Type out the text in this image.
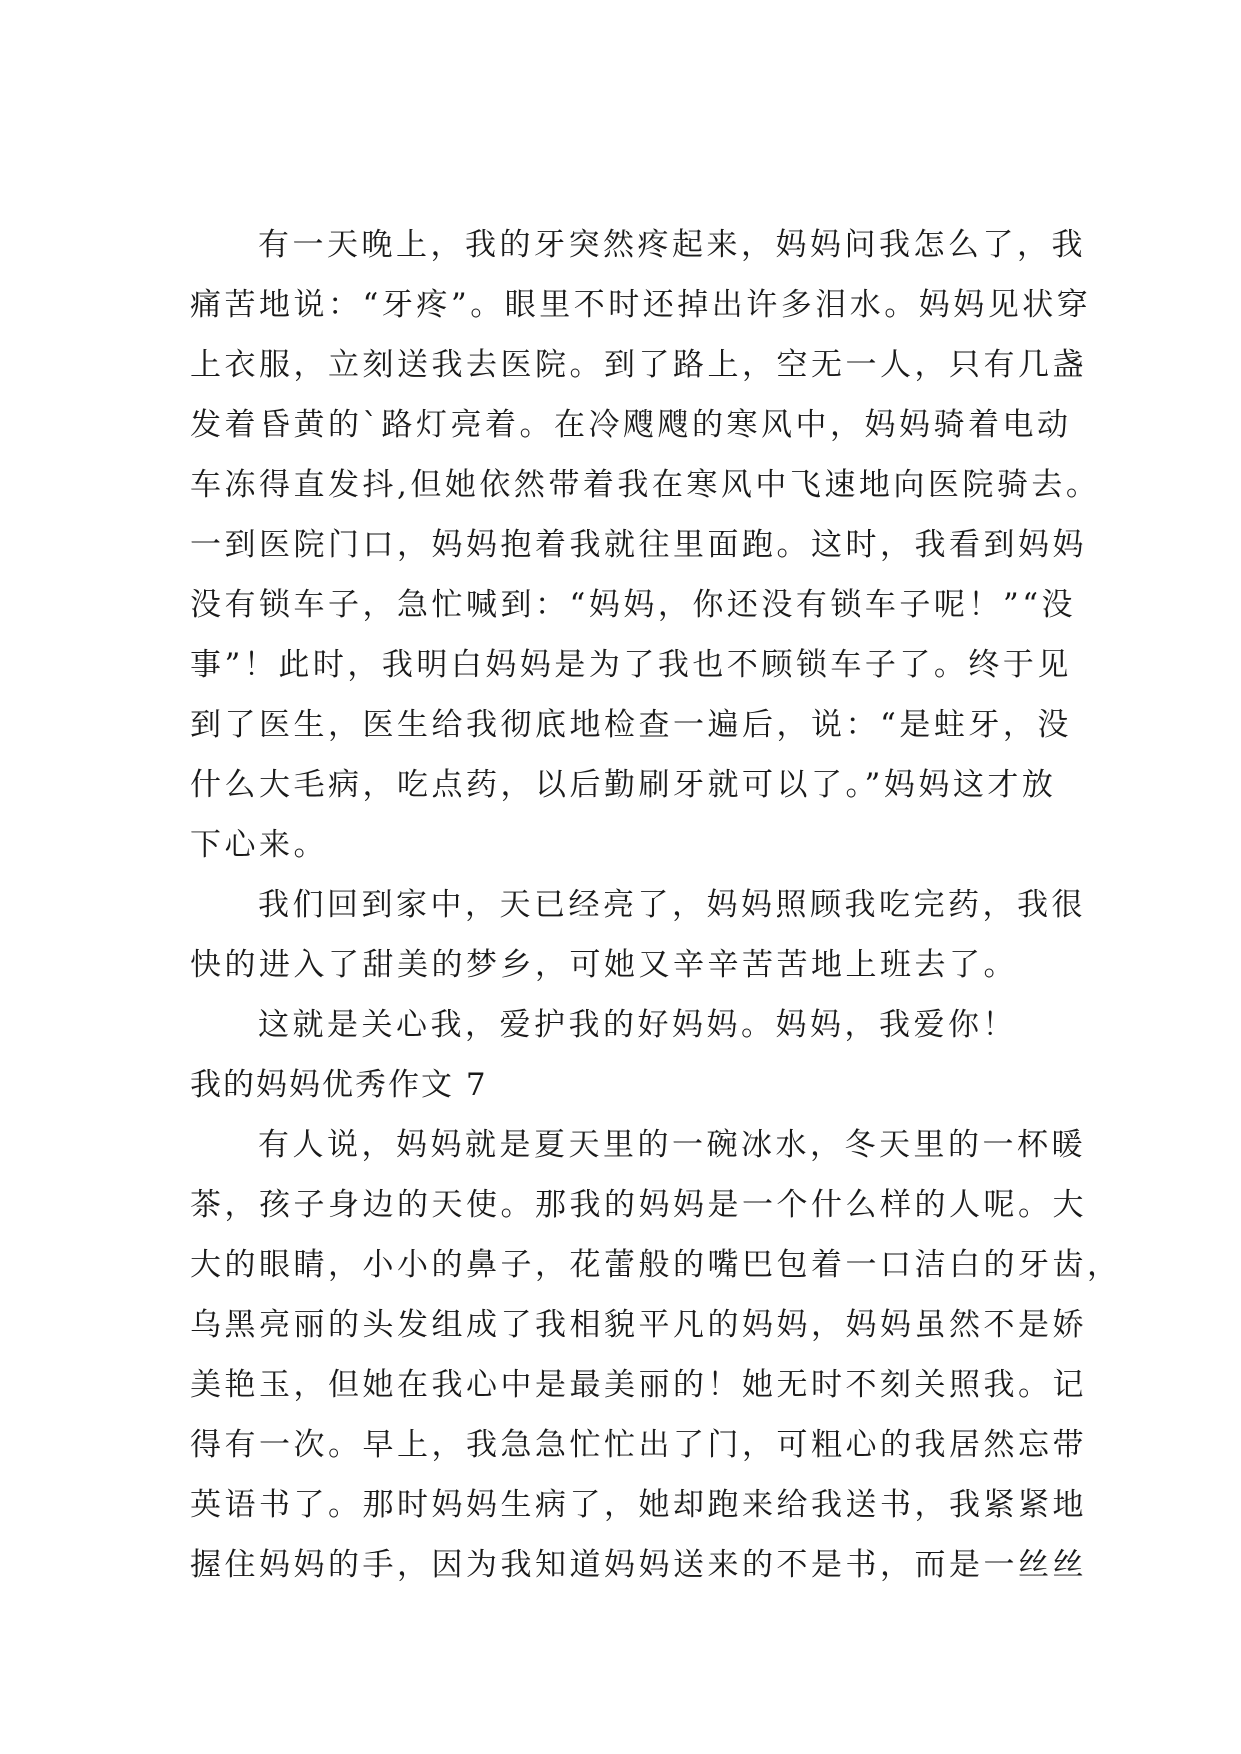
有一天晚上，我的牙突然疼起来，妈妈问我怎么了，我
痛苦地说：“牙疼”。眼里不时还掉出许多泪水。妈妈见状穿
上衣服，立刻送我去医院。到了路上，空无一人，只有几盏
发着昏黄的`路灯亮着。在冷飕飕的寒风中，妈妈骑着电动
车冻得直发抖,但她依然带着我在寒风中飞速地向医院骑去。
一到医院门口，妈妈抱着我就往里面跑。这时，我看到妈妈
没有锁车子，急忙喊到：“妈妈，你还没有锁车子呢！”“没
事”！此时，我明白妈妈是为了我也不顾锁车子了。终于见
到了医生，医生给我彻底地检查一遍后，说：“是蛀牙，没
什么大毛病，吃点药，以后勤刷牙就可以了。”妈妈这才放
下心来。
我们回到家中，天已经亮了，妈妈照顾我吃完药，我很
快的进入了甜美的梦乡，可她又辛辛苦苦地上班去了。
这就是关心我，爱护我的好妈妈。妈妈，我爱你！
我的妈妈优秀作文 7
有人说，妈妈就是夏天里的一碗冰水，冬天里的一杯暖
茶，孩子身边的天使。那我的妈妈是一个什么样的人呢。大
大的眼睛，小小的鼻子，花蕾般的嘴巴包着一口洁白的牙齿，
乌黑亮丽的头发组成了我相貌平凡的妈妈，妈妈虽然不是娇
美艳玉，但她在我心中是最美丽的！她无时不刻关照我。记
得有一次。早上，我急急忙忙出了门，可粗心的我居然忘带
英语书了。那时妈妈生病了，她却跑来给我送书，我紧紧地
握住妈妈的手，因为我知道妈妈送来的不是书，而是一丝丝
